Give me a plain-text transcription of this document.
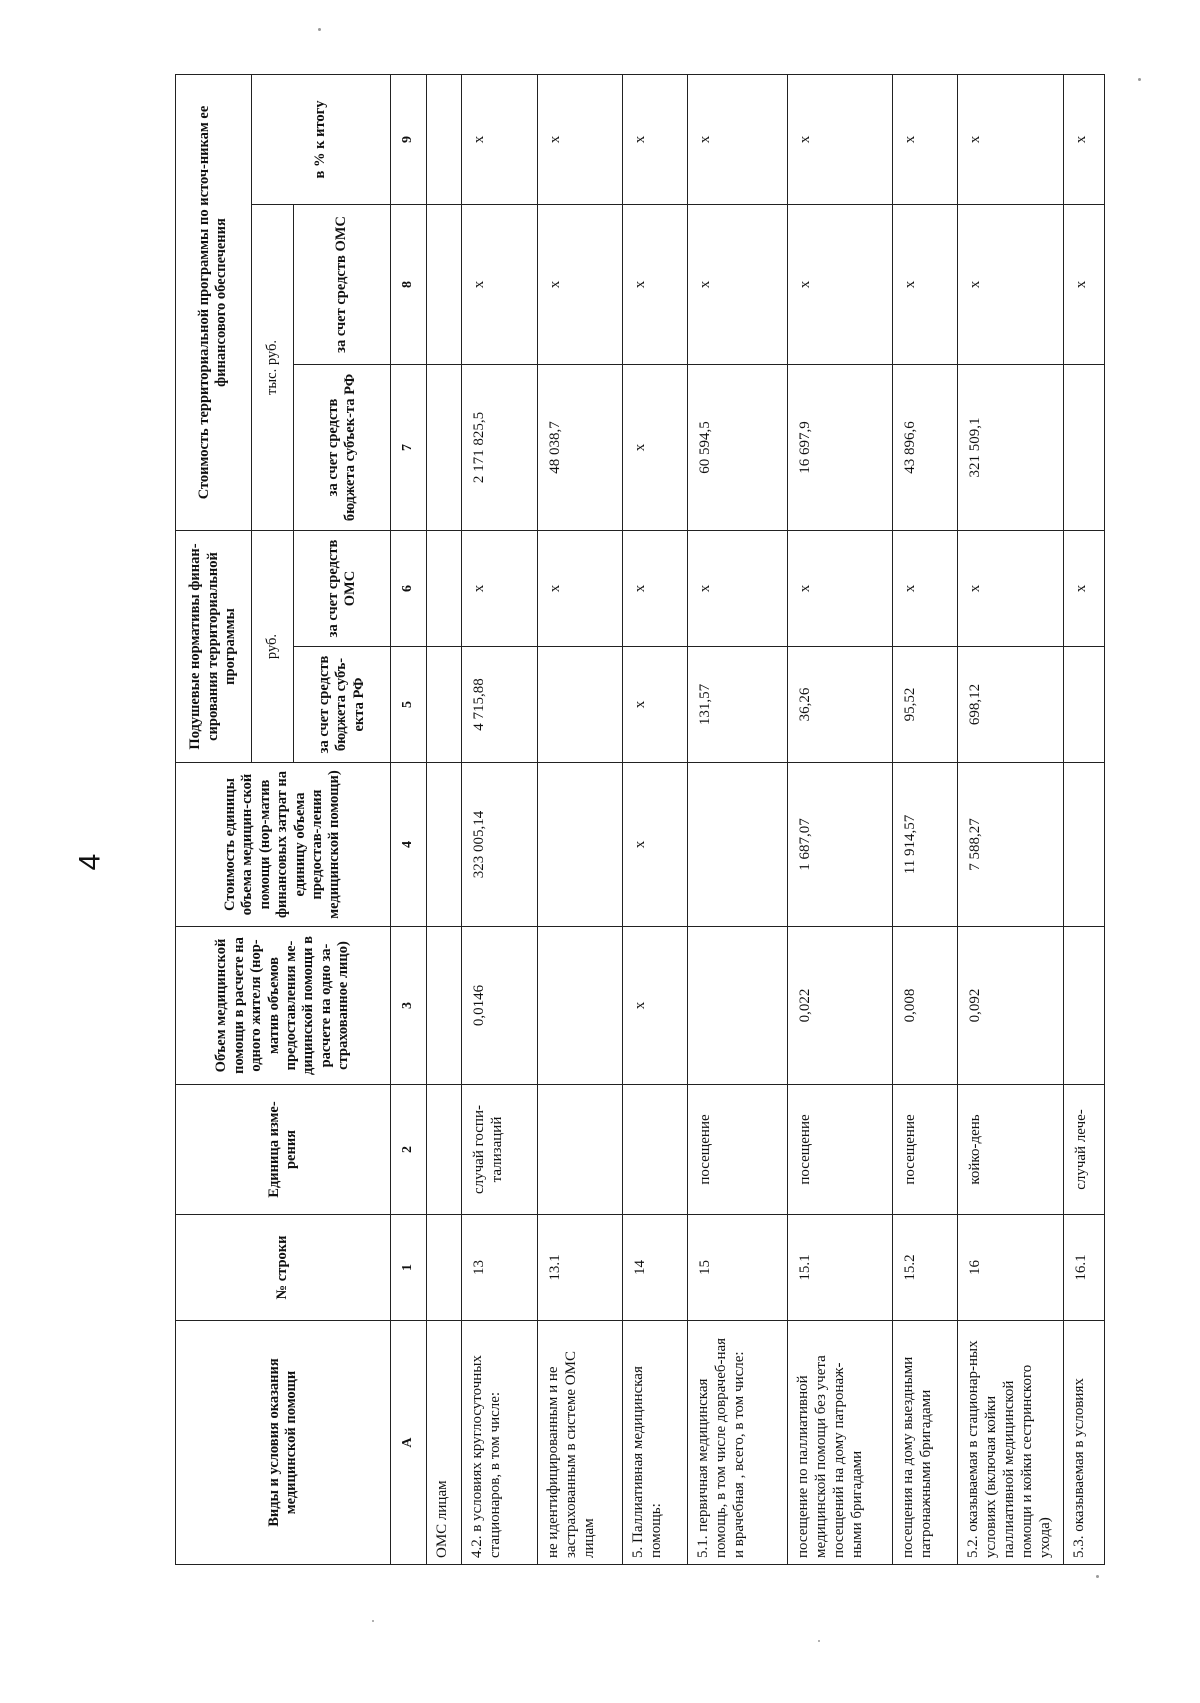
4
Виды и условия оказания медицинской помощи	№ строки	Единица изме-рения	Объем медицинской помощи в расчете на одного жителя (нор-матив объемов предоставления ме-дицинской помощи в расчете на одно за-страхованное лицо)	Стоимость единицы объема медицин-ской помощи (нор-матив финансовых затрат на единицу объема предостав-ления медицинской помощи)	Подушевые нормативы финан-сирования территориальной программы		Стоимость территориальной программы по источ-никам ее финансового обеспечения		
					руб.		тыс. руб.		в % к итогу
					за счет средств бюджета субъ-екта РФ	за счет средств ОМС	за счет средств бюджета субъек-та РФ	за счет средств ОМС	
А	1	2	3	4	5	6	7	8	9
ОМС лицам									
4.2. в условиях круглосуточных стационаров, в том числе:	13	случай госпи-тализаций	0,0146	323 005,14	4 715,88	x	2 171 825,5	x	x
не идентифицированным и не застрахованным в системе ОМС лицам	13.1					x	48 038,7	x	x
5. Паллиативная медицинская помощь:	14		x	x	x	x	x	x	x
5.1. первичная медицинская помощь, в том числе доврачеб-ная и врачебная , всего, в том числе:	15	посещение			131,57	x	60 594,5	x	x
посещение по паллиативной медицинской помощи без учета посещений на дому патронаж-ными бригадами	15.1	посещение	0,022	1 687,07	36,26	x	16 697,9	x	x
посещения на дому выездными патронажными бригадами	15.2	посещение	0,008	11 914,57	95,52	x	43 896,6	x	x
5.2. оказываемая в стационар-ных условиях (включая койки паллиативной медицинской помощи и койки сестринского ухода)	16	койко-день	0,092	7 588,27	698,12	x	321 509,1	x	x
5.3. оказываемая в условиях	16.1	случай лече-				x		x	x
